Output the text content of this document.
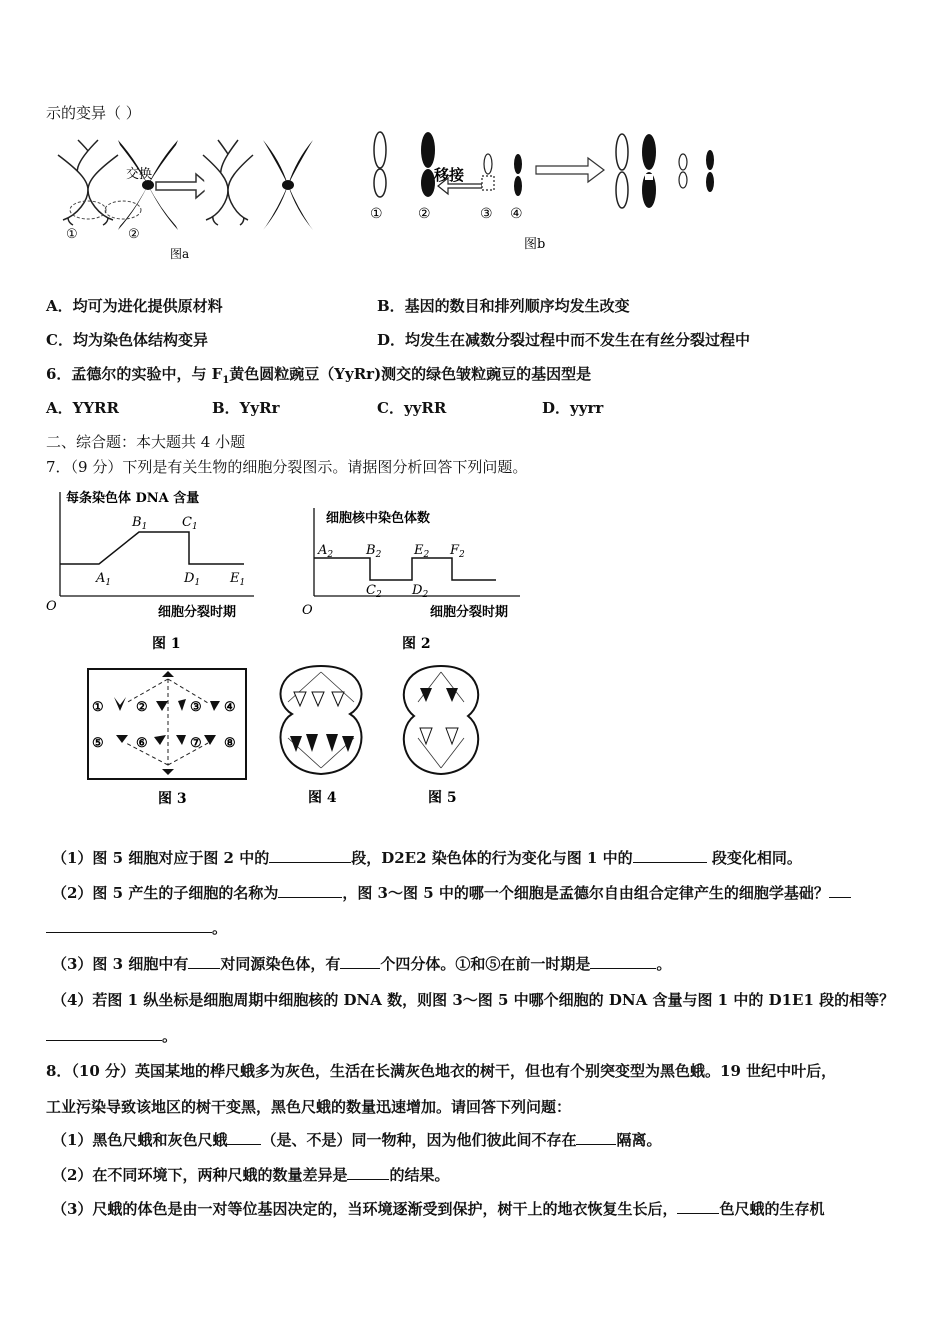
示的变异（ ）
交换
①	②
图a
移接
①	②	③ ④
图b
A．均可为进化提供原材料	B．基因的数目和排列顺序均发生改变
C．均为染色体结构变异	D．均发生在减数分裂过程中而不发生在有丝分裂过程中
6．孟德尔的实验中，与 $F_1$黄色圆粒豌豆（YyRr)测交的绿色皱粒豌豆的基因型是
A．YYRR	B．YyRr	C．yyRR	D．yyrr
二、综合题：本大题共 4 小题
7．（9 分）下列是有关生物的细胞分裂图示。请据图分析回答下列问题。
每条染色体 DNA 含量
O	细胞分裂时期
$A_1$
$B_1$	$C_1$
$D_1$ $E_1$
图 1
细胞核中染色体数
O	细胞分裂时期
$A_2$	$B_2$
$C_2$ $D_2$
$E_2$ $F_2$
图 2
① ②	③ ④
⑤ ⑥	⑦ ⑧
图 3	图 4	图 5
（1）图 5 细胞对应于图 2 中的	段，D2E2 染色体的行为变化与图 1 中的	段变化相同。
（2）图 5 产生的子细胞的名称为	，图 3～图 5 中的哪一个细胞是孟德尔自由组合定律产生的细胞学基础？
。
（3）图 3 细胞中有 对同源染色体，有	个四分体。①和⑤在前一时期是	。
（4）若图 1 纵坐标是细胞周期中细胞核的 DNA 数，则图 3～图 5 中哪个细胞的 DNA 含量与图 1 中的 D1E1 段的相等？
。
8．（10 分）英国某地的桦尺蛾多为灰色，生活在长满灰色地衣的树干，但也有个别突变型为黑色蛾。19 世纪中叶后，
工业污染导致该地区的树干变黑，黑色尺蛾的数量迅速增加。请回答下列问题：
（1）黑色尺蛾和灰色尺蛾 （是、不是）同一物种，因为他们彼此间不存在	隔离。
（2）在不同环境下，两种尺蛾的数量差异是	的结果。
（3）尺蛾的体色是由一对等位基因决定的，当环境逐渐受到保护，树干上的地衣恢复生长后，	色尺蛾的生存机
